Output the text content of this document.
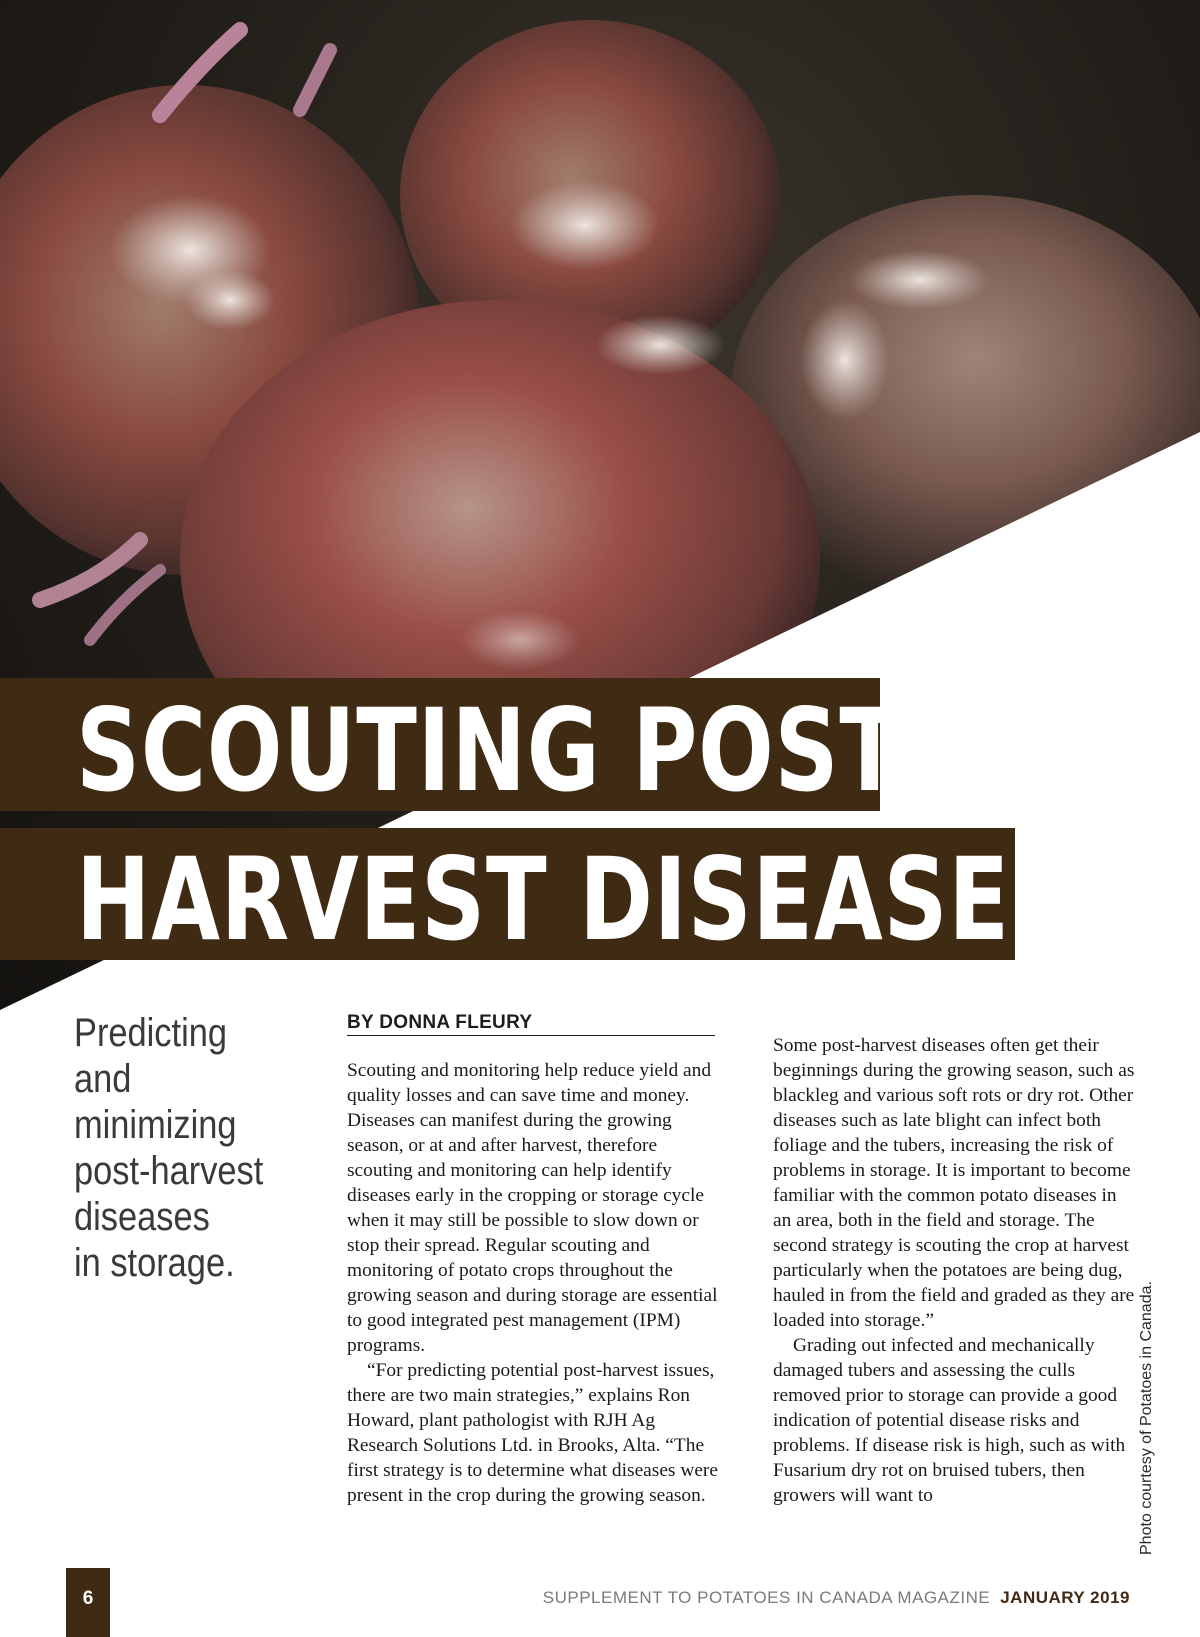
SCOUTING POST-
HARVEST DISEASES
Predicting and
minimizing
post-harvest
diseases
in storage.
BY DONNA FLEURY

Scouting and monitoring help reduce yield and quality losses and can save time and money. Diseases can manifest during the growing season, or at and after harvest, therefore scouting and monitoring can help identify diseases early in the cropping or storage cycle when it may still be possible to slow down or stop their spread. Regular scouting and monitoring of potato crops throughout the growing season and during storage are essential to good integrated pest management (IPM) programs.

“For predicting potential post-harvest issues, there are two main strategies,” explains Ron Howard, plant pathologist with RJH Ag Research Solutions Ltd. in Brooks, Alta. “The first strategy is to determine what diseases were present in the crop during the growing season.

Some post-harvest diseases often get their beginnings during the growing season, such as blackleg and various soft rots or dry rot. Other diseases such as late blight can infect both foliage and the tubers, increasing the risk of problems in storage. It is important to become familiar with the common potato diseases in an area, both in the field and storage. The second strategy is scouting the crop at harvest particularly when the potatoes are being dug, hauled in from the field and graded as they are loaded into storage.”

Grading out infected and mechanically damaged tubers and assessing the culls removed prior to storage can provide a good indication of potential disease risks and problems. If disease risk is high, such as with Fusarium dry rot on bruised tubers, then growers will want to	Photo courtesy of Potatoes in Canada.
6	SUPPLEMENT TO POTATOES IN CANADA MAGAZINE JANUARY 2019
